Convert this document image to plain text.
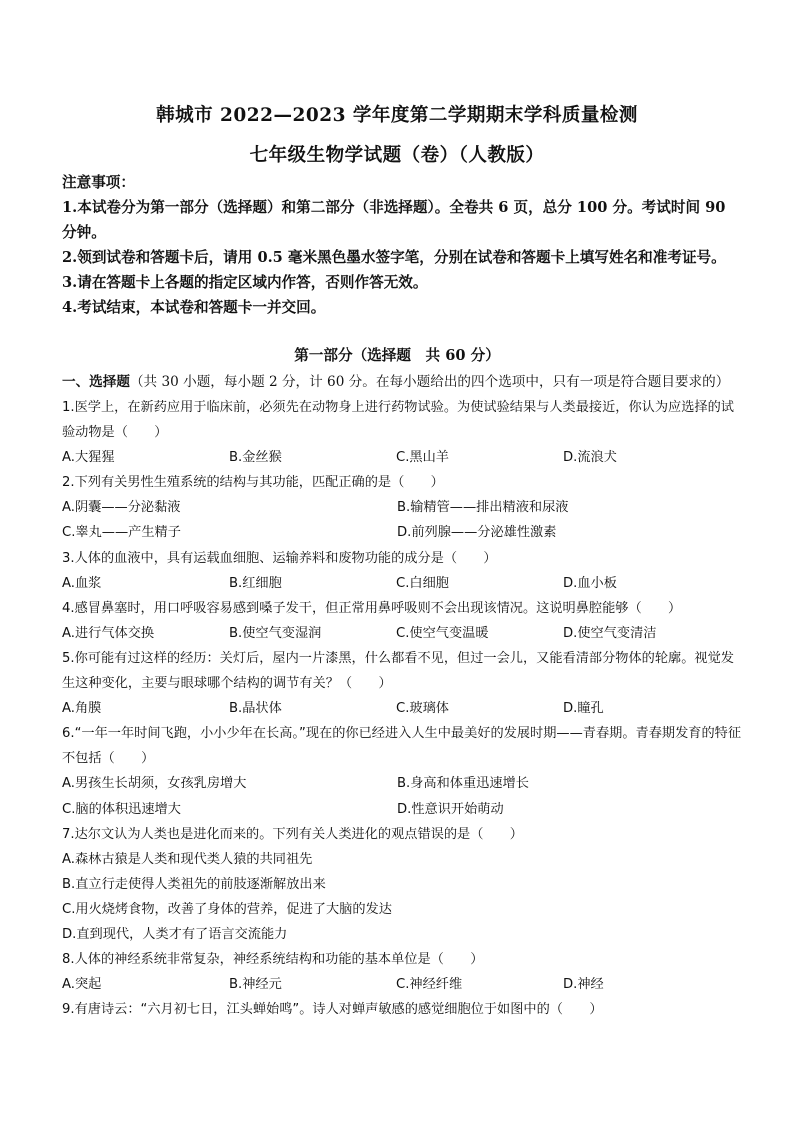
韩城市 2022—2023 学年度第二学期期末学科质量检测
七年级生物学试题（卷）（人教版）
注意事项：
1.本试卷分为第一部分（选择题）和第二部分（非选择题）。全卷共 6 页，总分 100 分。考试时间 90 分钟。
2.领到试卷和答题卡后，请用 0.5 毫米黑色墨水签字笔，分别在试卷和答题卡上填写姓名和准考证号。
3.请在答题卡上各题的指定区域内作答，否则作答无效。
4.考试结束，本试卷和答题卡一并交回。
第一部分（选择题　共 60 分）
一、选择题（共 30 小题，每小题 2 分，计 60 分。在每小题给出的四个选项中，只有一项是符合题目要求的）
1.医学上，在新药应用于临床前，必须先在动物身上进行药物试验。为使试验结果与人类最接近，你认为应选择的试验动物是（　　）
A.大猩猩	B.金丝猴	C.黑山羊	D.流浪犬
2.下列有关男性生殖系统的结构与其功能，匹配正确的是（　　）
A.阴囊——分泌黏液	B.输精管——排出精液和尿液
C.睾丸——产生精子	D.前列腺——分泌雄性激素
3.人体的血液中，具有运载血细胞、运输养料和废物功能的成分是（　　）
A.血浆	B.红细胞	C.白细胞	D.血小板
4.感冒鼻塞时，用口呼吸容易感到嗓子发干，但正常用鼻呼吸则不会出现该情况。这说明鼻腔能够（　　）
A.进行气体交换	B.使空气变湿润	C.使空气变温暖	D.使空气变清洁
5.你可能有过这样的经历：关灯后，屋内一片漆黑，什么都看不见，但过一会儿，又能看清部分物体的轮廓。视觉发生这种变化，主要与眼球哪个结构的调节有关？（　　）
A.角膜	B.晶状体	C.玻璃体	D.瞳孔
6.“一年一年时间飞跑，小小少年在长高。”现在的你已经进入人生中最美好的发展时期——青春期。青春期发育的特征不包括（　　）
A.男孩生长胡须，女孩乳房增大	B.身高和体重迅速增长
C.脑的体积迅速增大	D.性意识开始萌动
7.达尔文认为人类也是进化而来的。下列有关人类进化的观点错误的是（　　）
A.森林古猿是人类和现代类人猿的共同祖先
B.直立行走使得人类祖先的前肢逐渐解放出来
C.用火烧烤食物，改善了身体的营养，促进了大脑的发达
D.直到现代，人类才有了语言交流能力
8.人体的神经系统非常复杂，神经系统结构和功能的基本单位是（　　）
A.突起	B.神经元	C.神经纤维	D.神经
9.有唐诗云：“六月初七日，江头蝉始鸣”。诗人对蝉声敏感的感觉细胞位于如图中的（　　）
